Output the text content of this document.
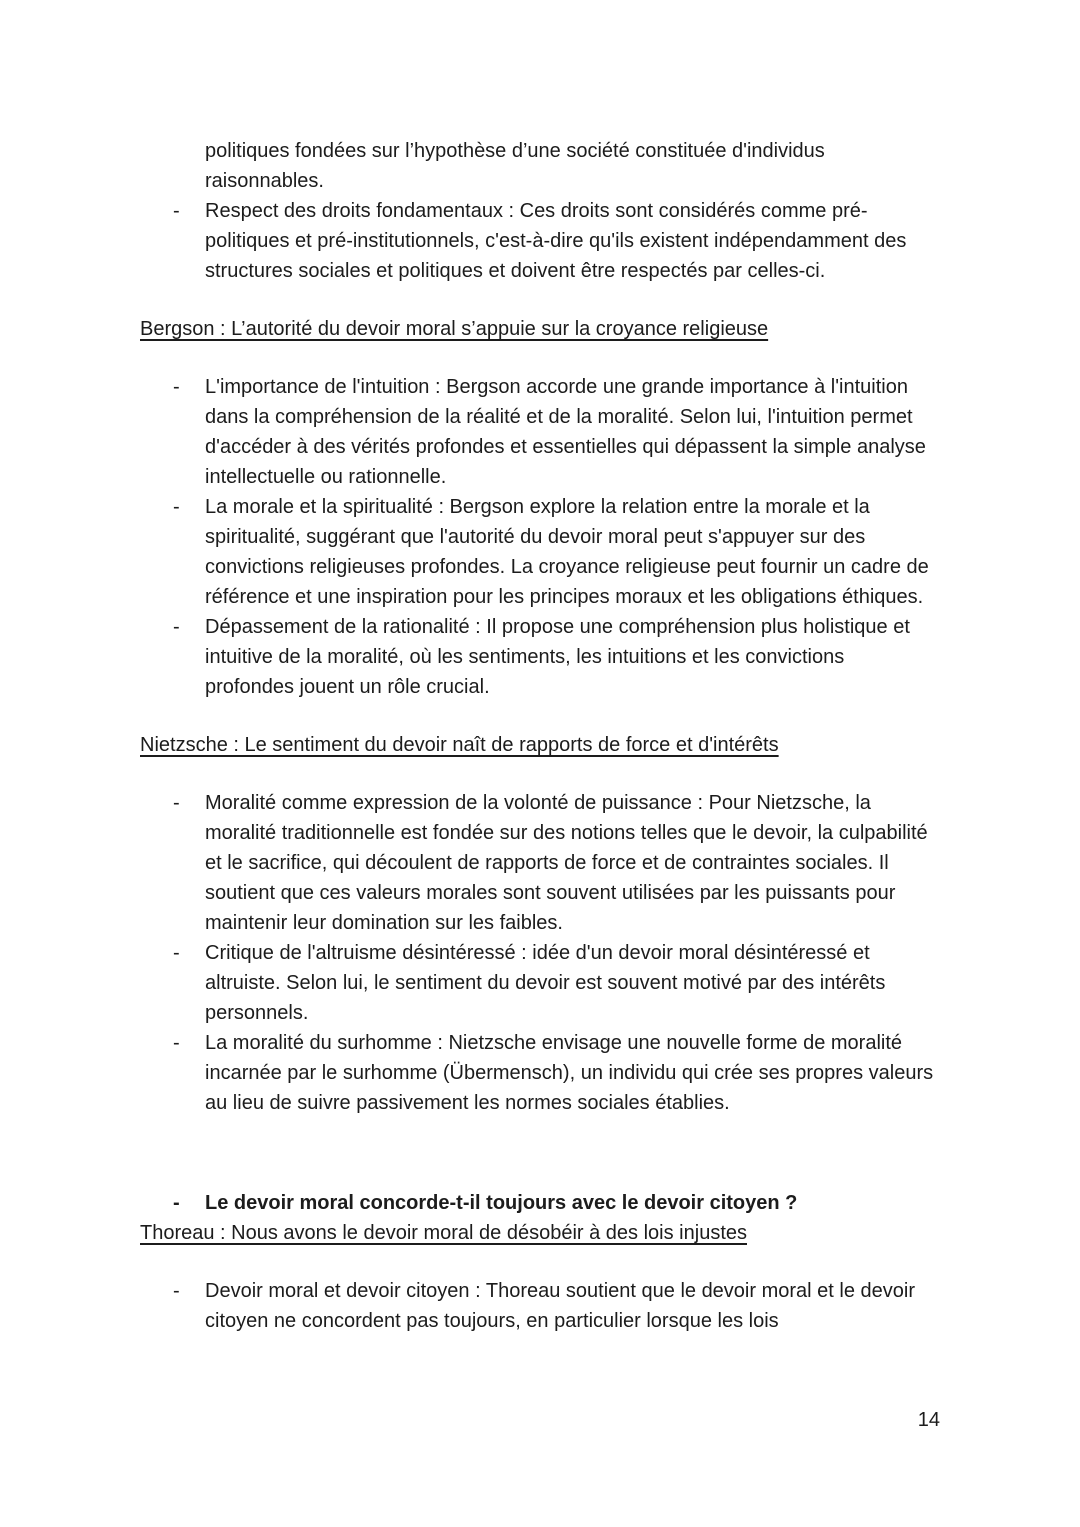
politiques fondées sur l’hypothèse d’une société constituée d'individus raisonnables.

-	Respect des droits fondamentaux : Ces droits sont considérés comme pré-politiques et pré-institutionnels, c'est-à-dire qu'ils existent indépendamment des structures sociales et politiques et doivent être respectés par celles-ci.
Bergson : L’autorité du devoir moral s’appuie sur la croyance religieuse
-	L'importance de l'intuition : Bergson accorde une grande importance à l'intuition dans la compréhension de la réalité et de la moralité. Selon lui, l'intuition permet d'accéder à des vérités profondes et essentielles qui dépassent la simple analyse intellectuelle ou rationnelle.
-	La morale et la spiritualité : Bergson explore la relation entre la morale et la spiritualité, suggérant que l'autorité du devoir moral peut s'appuyer sur des convictions religieuses profondes. La croyance religieuse peut fournir un cadre de référence et une inspiration pour les principes moraux et les obligations éthiques.
-	Dépassement de la rationalité : Il propose une compréhension plus holistique et intuitive de la moralité, où les sentiments, les intuitions et les convictions profondes jouent un rôle crucial.
Nietzsche : Le sentiment du devoir naît de rapports de force et d'intérêts
-	Moralité comme expression de la volonté de puissance : Pour Nietzsche, la moralité traditionnelle est fondée sur des notions telles que le devoir, la culpabilité et le sacrifice, qui découlent de rapports de force et de contraintes sociales. Il soutient que ces valeurs morales sont souvent utilisées par les puissants pour maintenir leur domination sur les faibles.
-	Critique de l'altruisme désintéressé : idée d'un devoir moral désintéressé et altruiste. Selon lui, le sentiment du devoir est souvent motivé par des intérêts personnels.
-	La moralité du surhomme : Nietzsche envisage une nouvelle forme de moralité incarnée par le surhomme (Übermensch), un individu qui crée ses propres valeurs au lieu de suivre passivement les normes sociales établies.
-	Le devoir moral concorde-t-il toujours avec le devoir citoyen ?
Thoreau : Nous avons le devoir moral de désobéir à des lois injustes
-	Devoir moral et devoir citoyen : Thoreau soutient que le devoir moral et le devoir citoyen ne concordent pas toujours, en particulier lorsque les lois
14
